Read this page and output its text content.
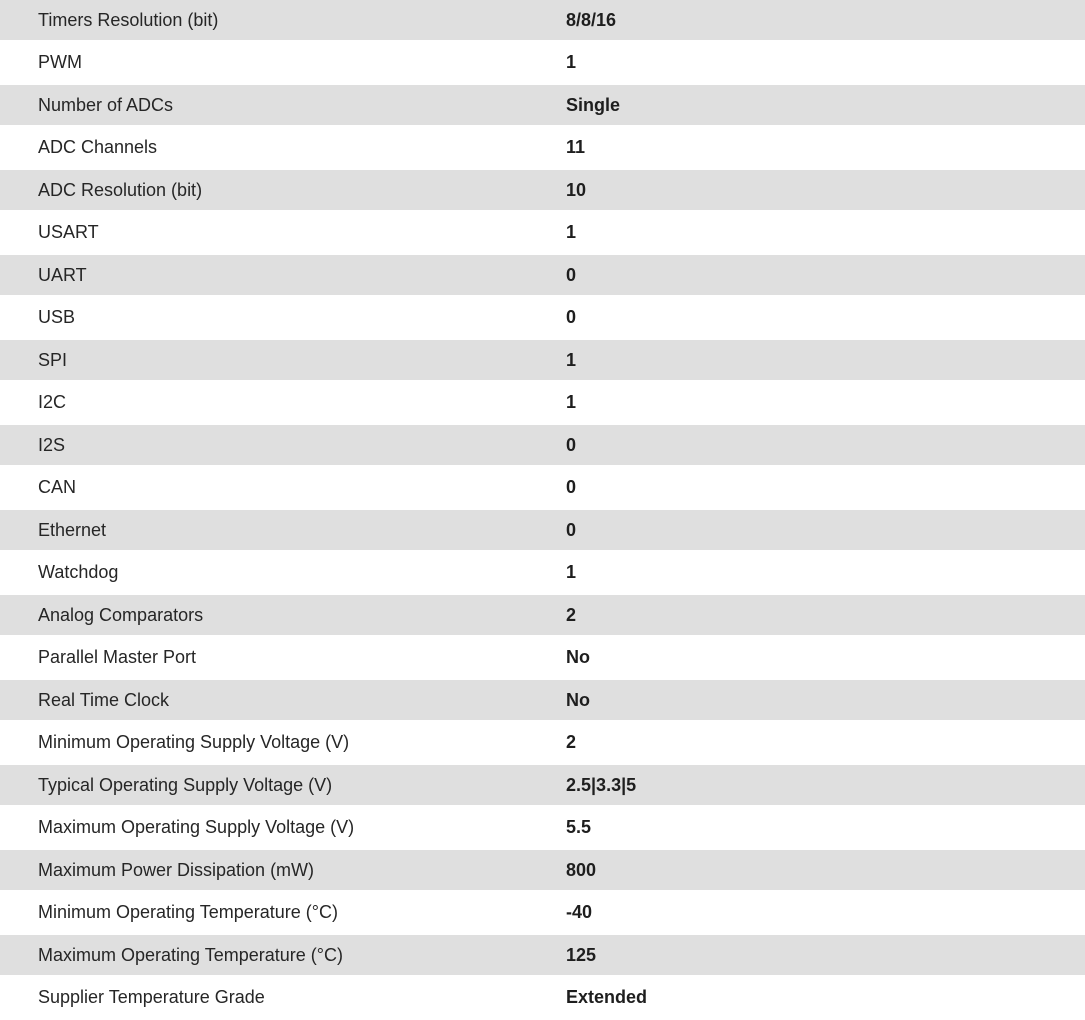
Timers Resolution (bit)	8/8/16
PWM	1
Number of ADCs	Single
ADC Channels	11
ADC Resolution (bit)	10
USART	1
UART	0
USB	0
SPI	1
I2C	1
I2S	0
CAN	0
Ethernet	0
Watchdog	1
Analog Comparators	2
Parallel Master Port	No
Real Time Clock	No
Minimum Operating Supply Voltage (V)	2
Typical Operating Supply Voltage (V)	2.5|3.3|5
Maximum Operating Supply Voltage (V)	5.5
Maximum Power Dissipation (mW)	800
Minimum Operating Temperature (°C)	-40
Maximum Operating Temperature (°C)	125
Supplier Temperature Grade	Extended
